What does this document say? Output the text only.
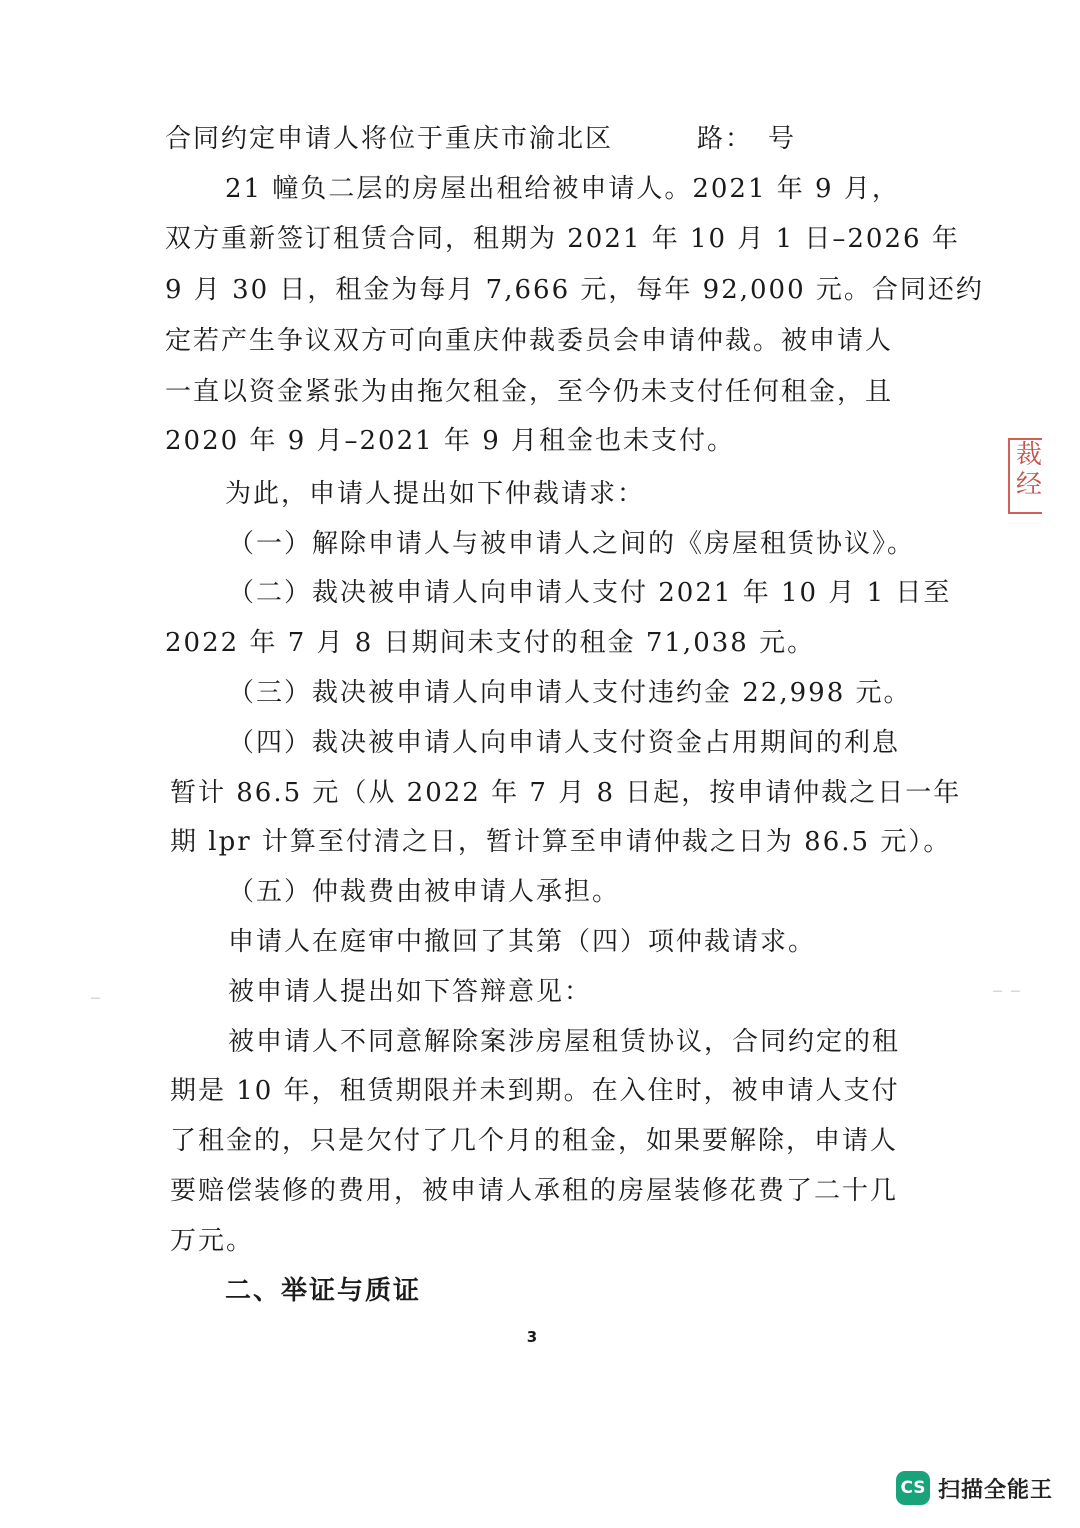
合同约定申请人将位于重庆市渝北区　　　路：　号
21 幢负二层的房屋出租给被申请人。2021 年 9 月，
双方重新签订租赁合同，租期为 2021 年 10 月 1 日–2026 年
9 月 30 日，租金为每月 7,666 元，每年 92,000 元。合同还约
定若产生争议双方可向重庆仲裁委员会申请仲裁。被申请人
一直以资金紧张为由拖欠租金，至今仍未支付任何租金，且
2020 年 9 月–2021 年 9 月租金也未支付。
为此，申请人提出如下仲裁请求：
（一）解除申请人与被申请人之间的《房屋租赁协议》。
（二）裁决被申请人向申请人支付 2021 年 10 月 1 日至
2022 年 7 月 8 日期间未支付的租金 71,038 元。
（三）裁决被申请人向申请人支付违约金 22,998 元。
（四）裁决被申请人向申请人支付资金占用期间的利息
暂计 86.5 元（从 2022 年 7 月 8 日起，按申请仲裁之日一年
期 lpr 计算至付清之日，暂计算至申请仲裁之日为 86.5 元）。
（五）仲裁费由被申请人承担。
申请人在庭审中撤回了其第（四）项仲裁请求。
被申请人提出如下答辩意见：
被申请人不同意解除案涉房屋租赁协议，合同约定的租
期是 10 年，租赁期限并未到期。在入住时，被申请人支付
了租金的，只是欠付了几个月的租金，如果要解除，申请人
要赔偿装修的费用，被申请人承租的房屋装修花费了二十几
万元。
二、举证与质证
3
裁
经
–	– –
CS 扫描全能王
